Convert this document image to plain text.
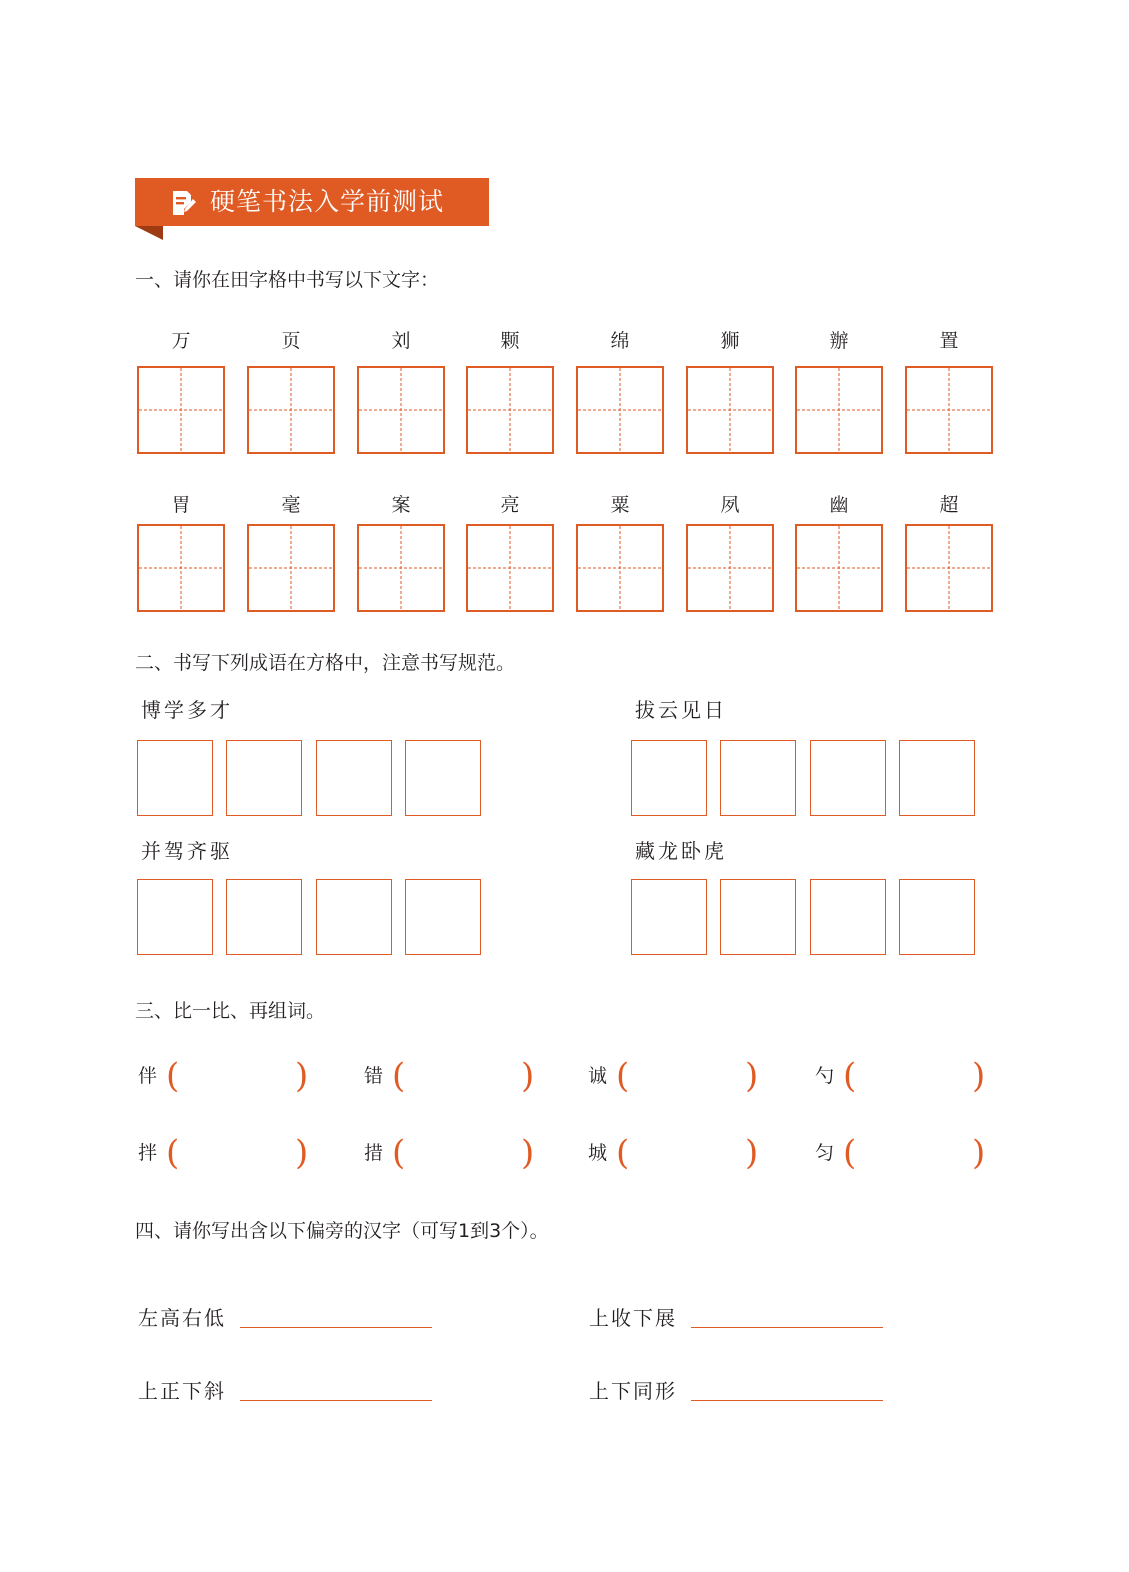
硬笔书法入学前测试
一、请你在田字格中书写以下文字：
万	页	刘	颗	绵	狮	辦	置
胃	毫	案	亮	粟	夙	幽	超
二、书写下列成语在方格中，注意书写规范。
博学多才	拔云见日
并驾齐驱	藏龙卧虎
三、比一比、再组词。
伴 (	)	错 (	)	诚 (	)	勺 (	)
拌 (	)	措 (	)	城 (	)	匀 (	)
四、请你写出含以下偏旁的汉字（可写1到3个）。
左高右低	上收下展
上正下斜	上下同形
